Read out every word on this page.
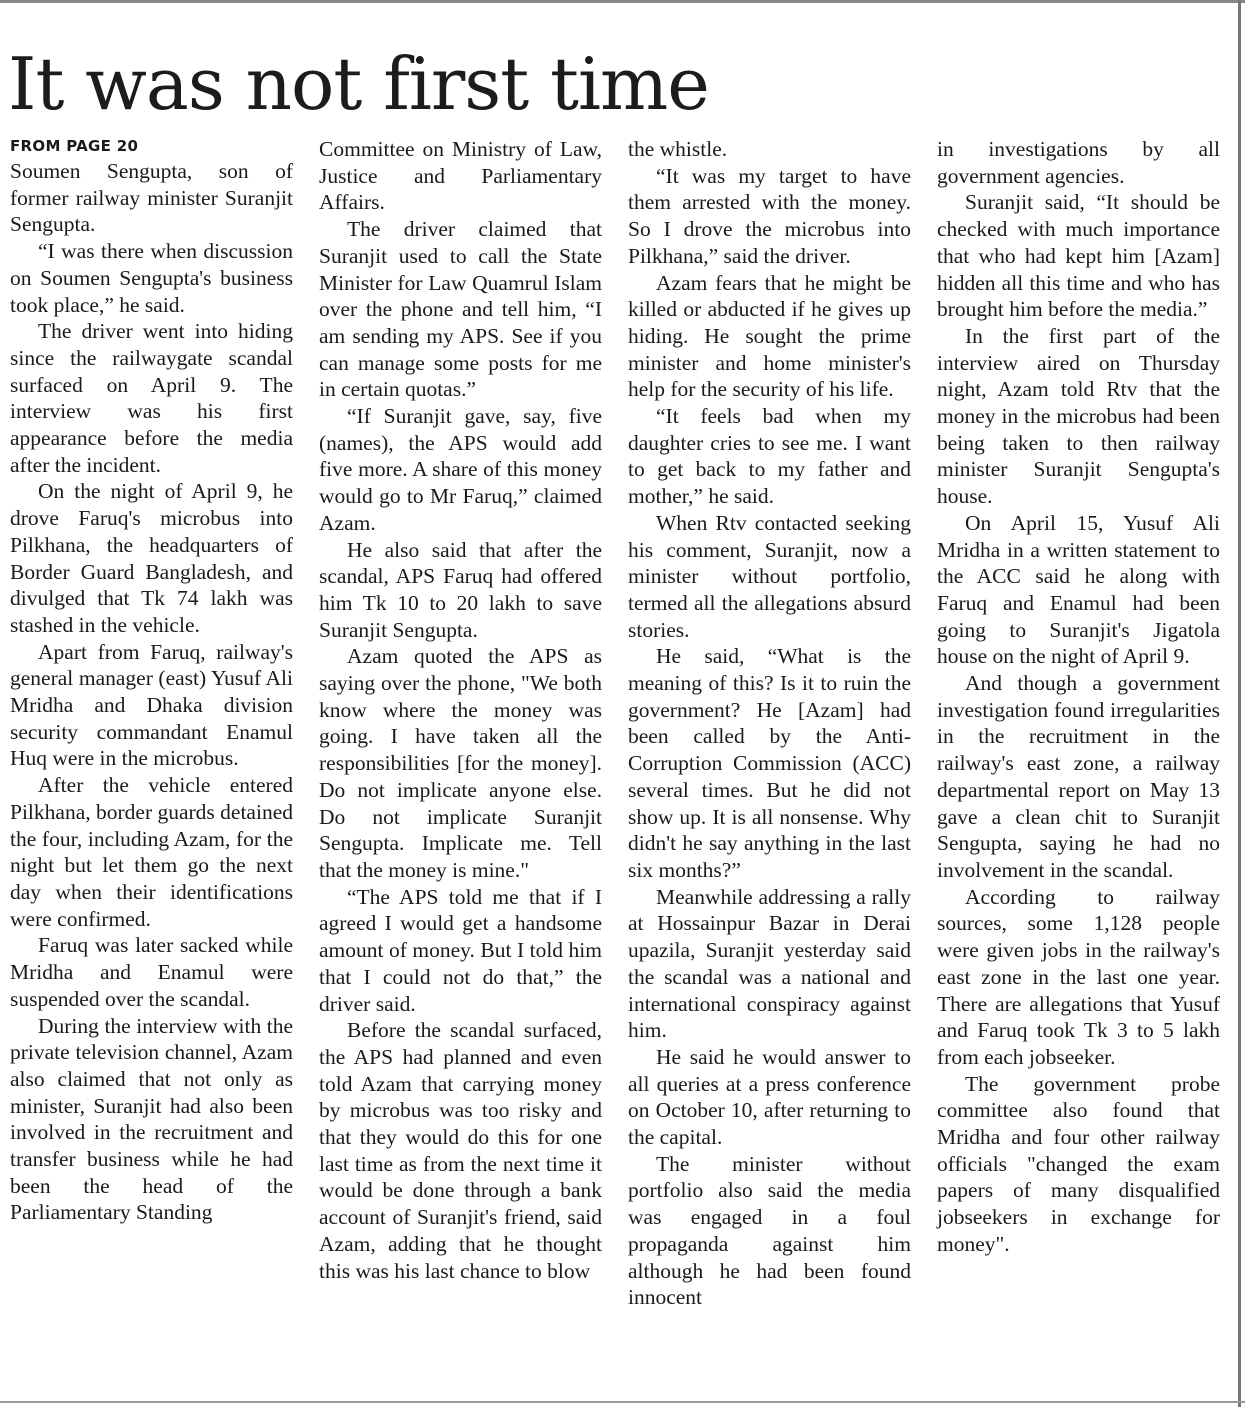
It was not first time
FROM PAGE 20

Soumen Sengupta, son of former railway minister Suranjit Sengupta.

“I was there when discussion on Soumen Sengupta's business took place,” he said.

The driver went into hiding since the railwaygate scandal surfaced on April 9. The interview was his first appearance before the media after the incident.

On the night of April 9, he drove Faruq's microbus into Pilkhana, the headquarters of Border Guard Bangladesh, and divulged that Tk 74 lakh was stashed in the vehicle.

Apart from Faruq, railway's general manager (east) Yusuf Ali Mridha and Dhaka division security commandant Enamul Huq were in the microbus.

After the vehicle entered Pilkhana, border guards detained the four, including Azam, for the night but let them go the next day when their identifications were confirmed.

Faruq was later sacked while Mridha and Enamul were suspended over the scandal.

During the interview with the private television channel, Azam also claimed that not only as minister, Suranjit had also been involved in the recruitment and transfer business while he had been the head of the Parliamentary Standing

Committee on Ministry of Law, Justice and Parliamentary Affairs.

The driver claimed that Suranjit used to call the State Minister for Law Quamrul Islam over the phone and tell him, “I am sending my APS. See if you can manage some posts for me in certain quotas.”

“If Suranjit gave, say, five (names), the APS would add five more. A share of this money would go to Mr Faruq,” claimed Azam.

He also said that after the scandal, APS Faruq had offered him Tk 10 to 20 lakh to save Suranjit Sengupta.

Azam quoted the APS as saying over the phone, "We both know where the money was going. I have taken all the responsibilities [for the money]. Do not implicate anyone else. Do not implicate Suranjit Sengupta. Implicate me. Tell that the money is mine."

“The APS told me that if I agreed I would get a handsome amount of money. But I told him that I could not do that,” the driver said.

Before the scandal surfaced, the APS had planned and even told Azam that carrying money by microbus was too risky and that they would do this for one last time as from the next time it would be done through a bank account of Suranjit's friend, said Azam, adding that he thought this was his last chance to blow

the whistle.

“It was my target to have them arrested with the money. So I drove the microbus into Pilkhana,” said the driver.

Azam fears that he might be killed or abducted if he gives up hiding. He sought the prime minister and home minister's help for the security of his life.

“It feels bad when my daughter cries to see me. I want to get back to my father and mother,” he said.

When Rtv contacted seeking his comment, Suranjit, now a minister without portfolio, termed all the allegations absurd stories.

He said, “What is the meaning of this? Is it to ruin the government? He [Azam] had been called by the Anti-Corruption Commission (ACC) several times. But he did not show up. It is all nonsense. Why didn't he say anything in the last six months?”

Meanwhile addressing a rally at Hossainpur Bazar in Derai upazila, Suranjit yesterday said the scandal was a national and international conspiracy against him.

He said he would answer to all queries at a press conference on October 10, after returning to the capital.

The minister without portfolio also said the media was engaged in a foul propaganda against him although he had been found innocent

in investigations by all government agencies.

Suranjit said, “It should be checked with much importance that who had kept him [Azam] hidden all this time and who has brought him before the media.”

In the first part of the interview aired on Thursday night, Azam told Rtv that the money in the microbus had been being taken to then railway minister Suranjit Sengupta's house.

On April 15, Yusuf Ali Mridha in a written statement to the ACC said he along with Faruq and Enamul had been going to Suranjit's Jigatola house on the night of April 9.

And though a government investigation found irregularities in the recruitment in the railway's east zone, a railway departmental report on May 13 gave a clean chit to Suranjit Sengupta, saying he had no involvement in the scandal.

According to railway sources, some 1,128 people were given jobs in the railway's east zone in the last one year. There are allegations that Yusuf and Faruq took Tk 3 to 5 lakh from each jobseeker.

The government probe committee also found that Mridha and four other railway officials "changed the exam papers of many disqualified jobseekers in exchange for money".
